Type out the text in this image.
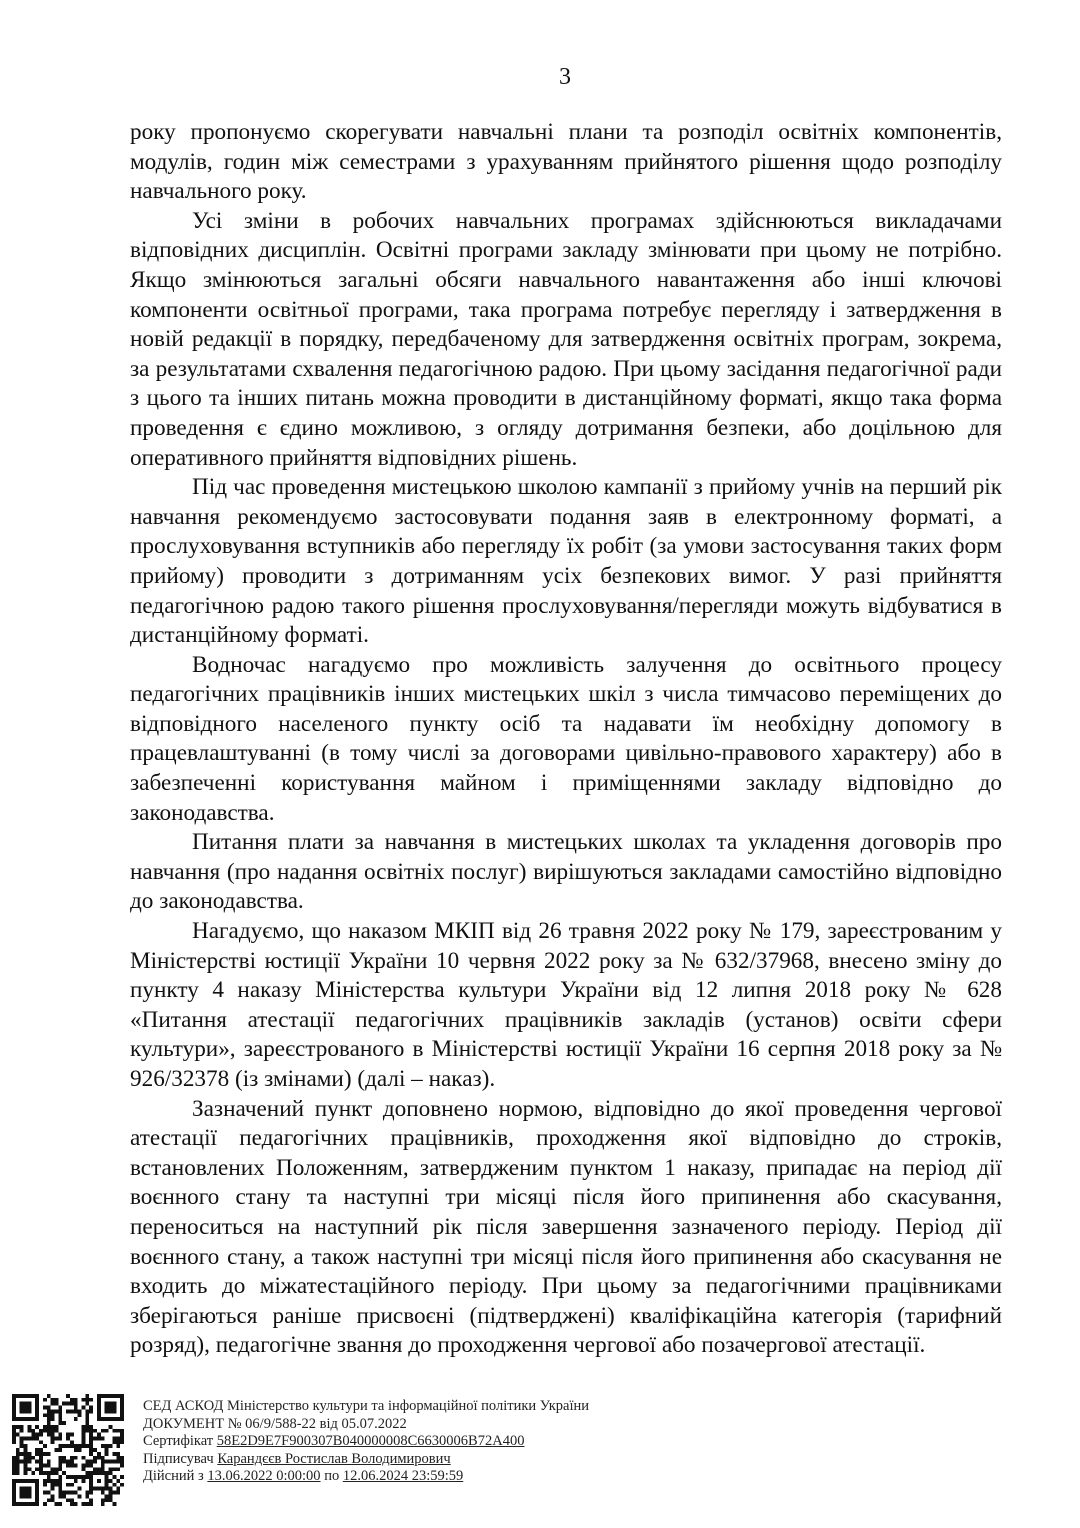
3

року пропонуємо скорегувати навчальні плани та розподіл освітніх компонентів, модулів, годин між семестрами з урахуванням прийнятого рішення щодо розподілу навчального року.

Усі зміни в робочих навчальних програмах здійснюються викладачами відповідних дисциплін. Освітні програми закладу змінювати при цьому не потрібно. Якщо змінюються загальні обсяги навчального навантаження або інші ключові компоненти освітньої програми, така програма потребує перегляду і затвердження в новій редакції в порядку, передбаченому для затвердження освітніх програм, зокрема, за результатами схвалення педагогічною радою. При цьому засідання педагогічної ради з цього та інших питань можна проводити в дистанційному форматі, якщо така форма проведення є єдино можливою, з огляду дотримання безпеки, або доцільною для оперативного прийняття відповідних рішень.

Під час проведення мистецькою школою кампанії з прийому учнів на перший рік навчання рекомендуємо застосовувати подання заяв в електронному форматі, а прослуховування вступників або перегляду їх робіт (за умови застосування таких форм прийому) проводити з дотриманням усіх безпекових вимог. У разі прийняття педагогічною радою такого рішення прослуховування/перегляди можуть відбуватися в дистанційному форматі.

Водночас нагадуємо про можливість залучення до освітнього процесу педагогічних працівників інших мистецьких шкіл з числа тимчасово переміщених до відповідного населеного пункту осіб та надавати їм необхідну допомогу в працевлаштуванні (в тому числі за договорами цивільно-правового характеру) або в забезпеченні користування майном і приміщеннями закладу відповідно до законодавства.

Питання плати за навчання в мистецьких школах та укладення договорів про навчання (про надання освітніх послуг) вирішуються закладами самостійно відповідно до законодавства.

Нагадуємо, що наказом МКІП від 26 травня 2022 року № 179, зареєстрованим у Міністерстві юстиції України 10 червня 2022 року за № 632/37968, внесено зміну до пункту 4 наказу Міністерства культури України від 12 липня 2018 року № 628 «Питання атестації педагогічних працівників закладів (установ) освіти сфери культури», зареєстрованого в Міністерстві юстиції України 16 серпня 2018 року за № 926/32378 (із змінами) (далі – наказ).

Зазначений пункт доповнено нормою, відповідно до якої проведення чергової атестації педагогічних працівників, проходження якої відповідно до строків, встановлених Положенням, затвердженим пунктом 1 наказу, припадає на період дії воєнного стану та наступні три місяці після його припинення або скасування, переноситься на наступний рік після завершення зазначеного періоду. Період дії воєнного стану, а також наступні три місяці після його припинення або скасування не входить до міжатестаційного періоду. При цьому за педагогічними працівниками зберігаються раніше присвоєні (підтверджені) кваліфікаційна категорія (тарифний розряд), педагогічне звання до проходження чергової або позачергової атестації.

СЕД АСКОД Міністерство культури та інформаційної політики України
ДОКУМЕНТ № 06/9/588-22 від 05.07.2022
Сертифікат 58E2D9E7F900307B040000008C6630006B72A400
Підписувач Карандєєв Ростислав Володимирович
Дійсний з 13.06.2022 0:00:00 по 12.06.2024 23:59:59
